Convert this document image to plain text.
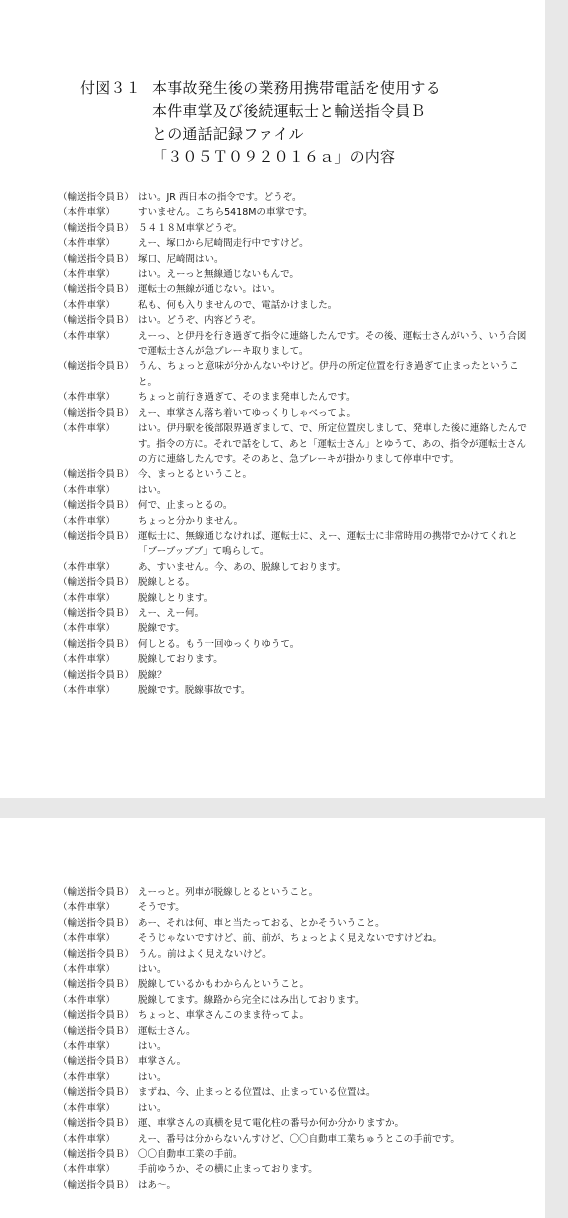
付図３１ 本事故発生後の業務用携帯電話を使用する
本件車掌及び後続運転士と輸送指令員Ｂ
との通話記録ファイル
「３０５Ｔ０９２０１６ａ」の内容
（輸送指令員Ｂ） はい。JR 西日本の指令です。どうぞ。
（本件車掌）	すいません。こちら5418Mの車掌です。
（輸送指令員Ｂ） ５４１８Ｍ車掌どうぞ。
（本件車掌）	えー、塚口から尼崎間走行中ですけど。
（輸送指令員Ｂ） 塚口、尼崎間はい。
（本件車掌）	はい。えーっと無線通じないもんで。
（輸送指令員Ｂ） 運転士の無線が通じない。はい。
（本件車掌）	私も、何も入りませんので、電話かけました。
（輸送指令員Ｂ） はい。どうぞ、内容どうぞ。
（本件車掌）	えーっ、と伊丹を行き過ぎて指令に連絡したんです。その後、運転士さんがいう、いう合図で運転士さんが急ブレーキ取りまして。
（輸送指令員Ｂ） うん、ちょっと意味が分かんないやけど。伊丹の所定位置を行き過ぎて止まったということ。
（本件車掌）	ちょっと前行き過ぎて、そのまま発車したんです。
（輸送指令員Ｂ） えー、車掌さん落ち着いてゆっくりしゃべってよ。
（本件車掌）	はい。伊丹駅を後部限界過ぎまして、で、所定位置戻しまして、発車した後に連絡したんです。指令の方に。それで話をして、あと「運転士さん」とゆうて、あの、指令が運転士さんの方に連絡したんです。そのあと、急ブレーキが掛かりまして停車中です。
（輸送指令員Ｂ） 今、まっとるということ。
（本件車掌）	はい。
（輸送指令員Ｂ） 何で、止まっとるの。
（本件車掌）	ちょっと分かりません。
（輸送指令員Ｂ） 運転士に、無線通じなければ、運転士に、えー、運転士に非常時用の携帯でかけてくれと「ブーブッブブ」て鳴らして。
（本件車掌）	あ、すいません。今、あの、脱線しております。
（輸送指令員Ｂ） 脱線しとる。
（本件車掌）	脱線しとります。
（輸送指令員Ｂ） えー、えー何。
（本件車掌）	脱線です。
（輸送指令員Ｂ） 何しとる。もう一回ゆっくりゆうて。
（本件車掌）	脱線しております。
（輸送指令員Ｂ） 脱線？
（本件車掌）	脱線です。脱線事故です。
（輸送指令員Ｂ） えーっと。列車が脱線しとるということ。
（本件車掌）	そうです。
（輸送指令員Ｂ） あー、それは何、車と当たっておる、とかそういうこと。
（本件車掌）	そうじゃないですけど、前、前が、ちょっとよく見えないですけどね。
（輸送指令員Ｂ） うん。前はよく見えないけど。
（本件車掌）	はい。
（輸送指令員Ｂ） 脱線しているかもわからんということ。
（本件車掌）	脱線してます。線路から完全にはみ出しております。
（輸送指令員Ｂ） ちょっと、車掌さんこのまま待ってよ。
（輸送指令員Ｂ） 運転士さん。
（本件車掌）	はい。
（輸送指令員Ｂ） 車掌さん。
（本件車掌）	はい。
（輸送指令員Ｂ） まずね、今、止まっとる位置は、止まっている位置は。
（本件車掌）	はい。
（輸送指令員Ｂ） 運、車掌さんの真横を見て電化柱の番号か何か分かりますか。
（本件車掌）	えー、番号は分からないんすけど、〇〇自動車工業ちゅうとこの手前です。
（輸送指令員Ｂ） 〇〇自動車工業の手前。
（本件車掌）	手前ゆうか、その横に止まっております。
（輸送指令員Ｂ） はあ〜。
